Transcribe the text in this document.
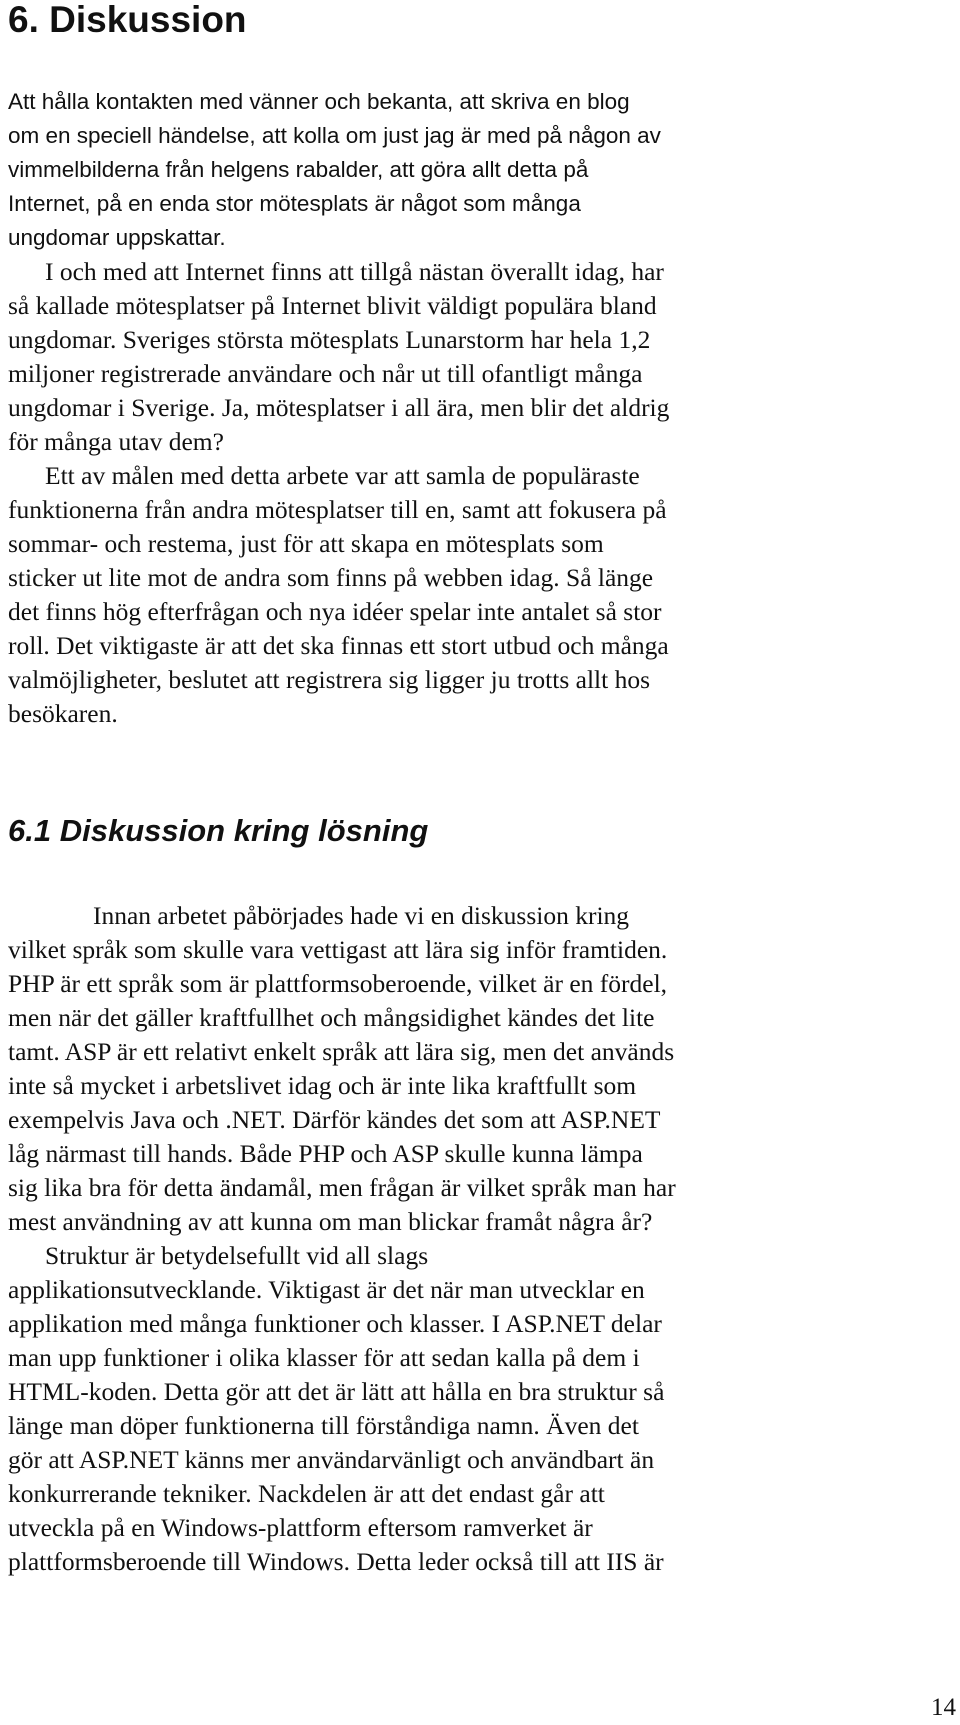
6. Diskussion
Att hålla kontakten med vänner och bekanta, att skriva en blog
om en speciell händelse, att kolla om just jag är med på någon av
vimmelbilderna från helgens rabalder, att göra allt detta på
Internet, på en enda stor mötesplats är något som många
ungdomar uppskattar.
I och med att Internet finns att tillgå nästan överallt idag, har
så kallade mötesplatser på Internet blivit väldigt populära bland
ungdomar. Sveriges största mötesplats Lunarstorm har hela 1,2
miljoner registrerade användare och når ut till ofantligt många
ungdomar i Sverige. Ja, mötesplatser i all ära, men blir det aldrig
för många utav dem?
Ett av målen med detta arbete var att samla de populäraste
funktionerna från andra mötesplatser till en, samt att fokusera på
sommar- och restema, just för att skapa en mötesplats som
sticker ut lite mot de andra som finns på webben idag. Så länge
det finns hög efterfrågan och nya idéer spelar inte antalet så stor
roll. Det viktigaste är att det ska finnas ett stort utbud och många
valmöjligheter, beslutet att registrera sig ligger ju trotts allt hos
besökaren.
6.1 Diskussion kring lösning
Innan arbetet påbörjades hade vi en diskussion kring
vilket språk som skulle vara vettigast att lära sig inför framtiden.
PHP är ett språk som är plattformsoberoende, vilket är en fördel,
men när det gäller kraftfullhet och mångsidighet kändes det lite
tamt. ASP är ett relativt enkelt språk att lära sig, men det används
inte så mycket i arbetslivet idag och är inte lika kraftfullt som
exempelvis Java och .NET. Därför kändes det som att ASP.NET
låg närmast till hands. Både PHP och ASP skulle kunna lämpa
sig lika bra för detta ändamål, men frågan är vilket språk man har
mest användning av att kunna om man blickar framåt några år?
Struktur är betydelsefullt vid all slags
applikationsutvecklande. Viktigast är det när man utvecklar en
applikation med många funktioner och klasser. I ASP.NET delar
man upp funktioner i olika klasser för att sedan kalla på dem i
HTML-koden. Detta gör att det är lätt att hålla en bra struktur så
länge man döper funktionerna till förståndiga namn. Även det
gör att ASP.NET känns mer användarvänligt och användbart än
konkurrerande tekniker. Nackdelen är att det endast går att
utveckla på en Windows-plattform eftersom ramverket är
plattformsberoende till Windows. Detta leder också till att IIS är
14
